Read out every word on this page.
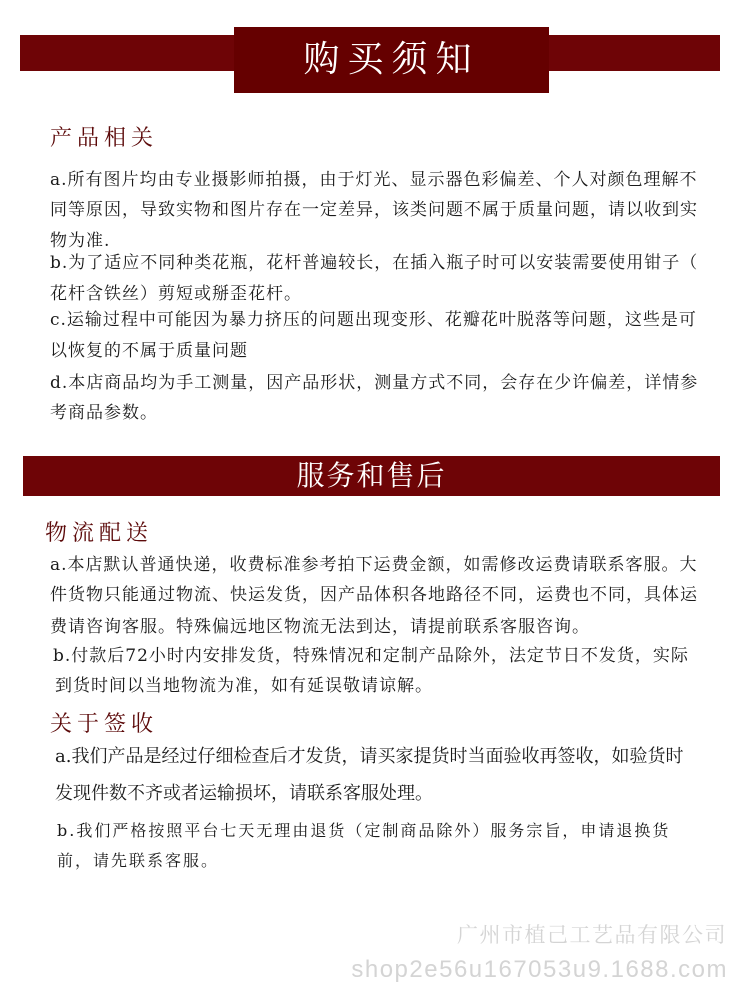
购买须知
产品相关
a.所有图片均由专业摄影师拍摄，由于灯光、显示器色彩偏差、个人对颜色理解不
同等原因，导致实物和图片存在一定差异，该类问题不属于质量问题，请以收到实
物为准.
b.为了适应不同种类花瓶，花杆普遍较长，在插入瓶子时可以安装需要使用钳子（
花杆含铁丝）剪短或掰歪花杆。
c.运输过程中可能因为暴力挤压的问题出现变形、花瓣花叶脱落等问题，这些是可
以恢复的不属于质量问题
d.本店商品均为手工测量，因产品形状，测量方式不同，会存在少许偏差，详情参
考商品参数。
服务和售后
物流配送
a.本店默认普通快递，收费标准参考拍下运费金额，如需修改运费请联系客服。大
件货物只能通过物流、快运发货，因产品体积各地路径不同，运费也不同，具体运
费请咨询客服。特殊偏远地区物流无法到达，请提前联系客服咨询。
b.付款后72小时内安排发货，特殊情况和定制产品除外，法定节日不发货，实际
到货时间以当地物流为准，如有延误敬请谅解。
关于签收
a.我们产品是经过仔细检查后才发货，请买家提货时当面验收再签收，如验货时
发现件数不齐或者运输损坏，请联系客服处理。
b.我们严格按照平台七天无理由退货（定制商品除外）服务宗旨，申请退换货
前，请先联系客服。
广州市植己工艺品有限公司
shop2e56u167053u9.1688.com
